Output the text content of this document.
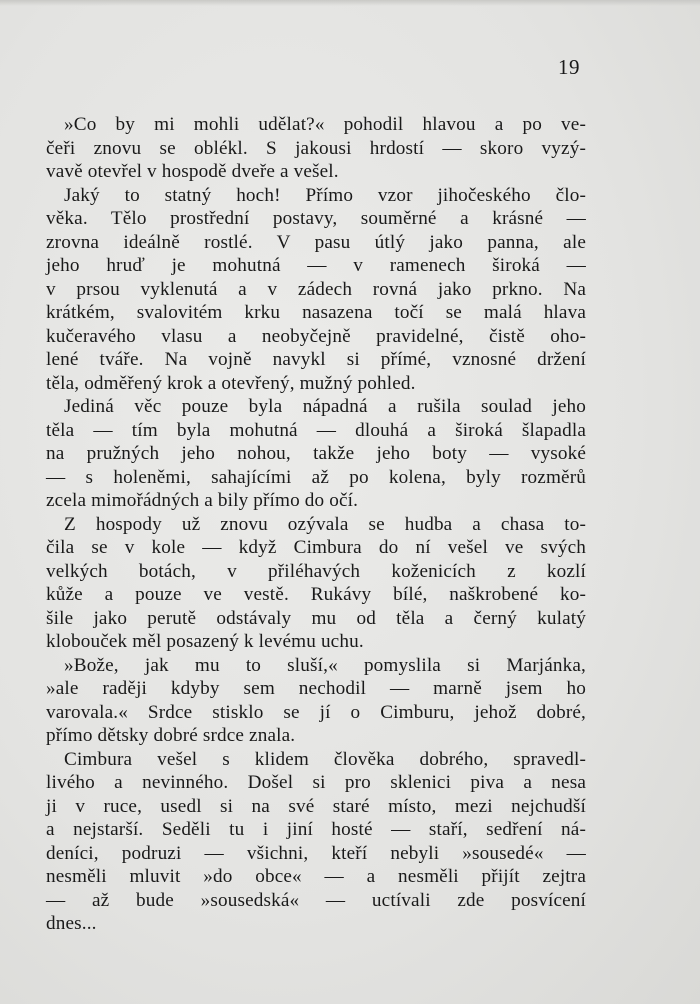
19
»Co by mi mohli udělat?« pohodil hlavou a po ve-
čeři znovu se oblékl. S jakousi hrdostí — skoro vyzý-
vavě otevřel v hospodě dveře a vešel.
Jaký to statný hoch! Přímo vzor jihočeského člo-
věka. Tělo prostřední postavy, souměrné a krásné —
zrovna ideálně rostlé. V pasu útlý jako panna, ale
jeho hruď je mohutná — v ramenech široká —
v prsou vyklenutá a v zádech rovná jako prkno. Na
krátkém, svalovitém krku nasazena točí se malá hlava
kučeravého vlasu a neobyčejně pravidelné, čistě oho-
lené tváře. Na vojně navykl si přímé, vznosné držení
těla, odměřený krok a otevřený, mužný pohled.
Jediná věc pouze byla nápadná a rušila soulad jeho
těla — tím byla mohutná — dlouhá a široká šlapadla
na pružných jeho nohou, takže jeho boty — vysoké
— s holeněmi, sahajícími až po kolena, byly rozměrů
zcela mimořádných a bily přímo do očí.
Z hospody už znovu ozývala se hudba a chasa to-
čila se v kole — když Cimbura do ní vešel ve svých
velkých botách, v přiléhavých koženicích z kozlí
kůže a pouze ve vestě. Rukávy bílé, naškrobené ko-
šile jako perutě odstávaly mu od těla a černý kulatý
klobouček měl posazený k levému uchu.
»Bože, jak mu to sluší,« pomyslila si Marjánka,
»ale raději kdyby sem nechodil — marně jsem ho
varovala.« Srdce stisklo se jí o Cimburu, jehož dobré,
přímo dětsky dobré srdce znala.
Cimbura vešel s klidem člověka dobrého, spravedl-
livého a nevinného. Došel si pro sklenici piva a nesa
ji v ruce, usedl si na své staré místo, mezi nejchudší
a nejstarší. Seděli tu i jiní hosté — staří, sedření ná-
deníci, podruzi — všichni, kteří nebyli »sousedé« —
nesměli mluvit »do obce« — a nesměli přijít zejtra
— až bude »sousedská« — uctívali zde posvícení
dnes...
